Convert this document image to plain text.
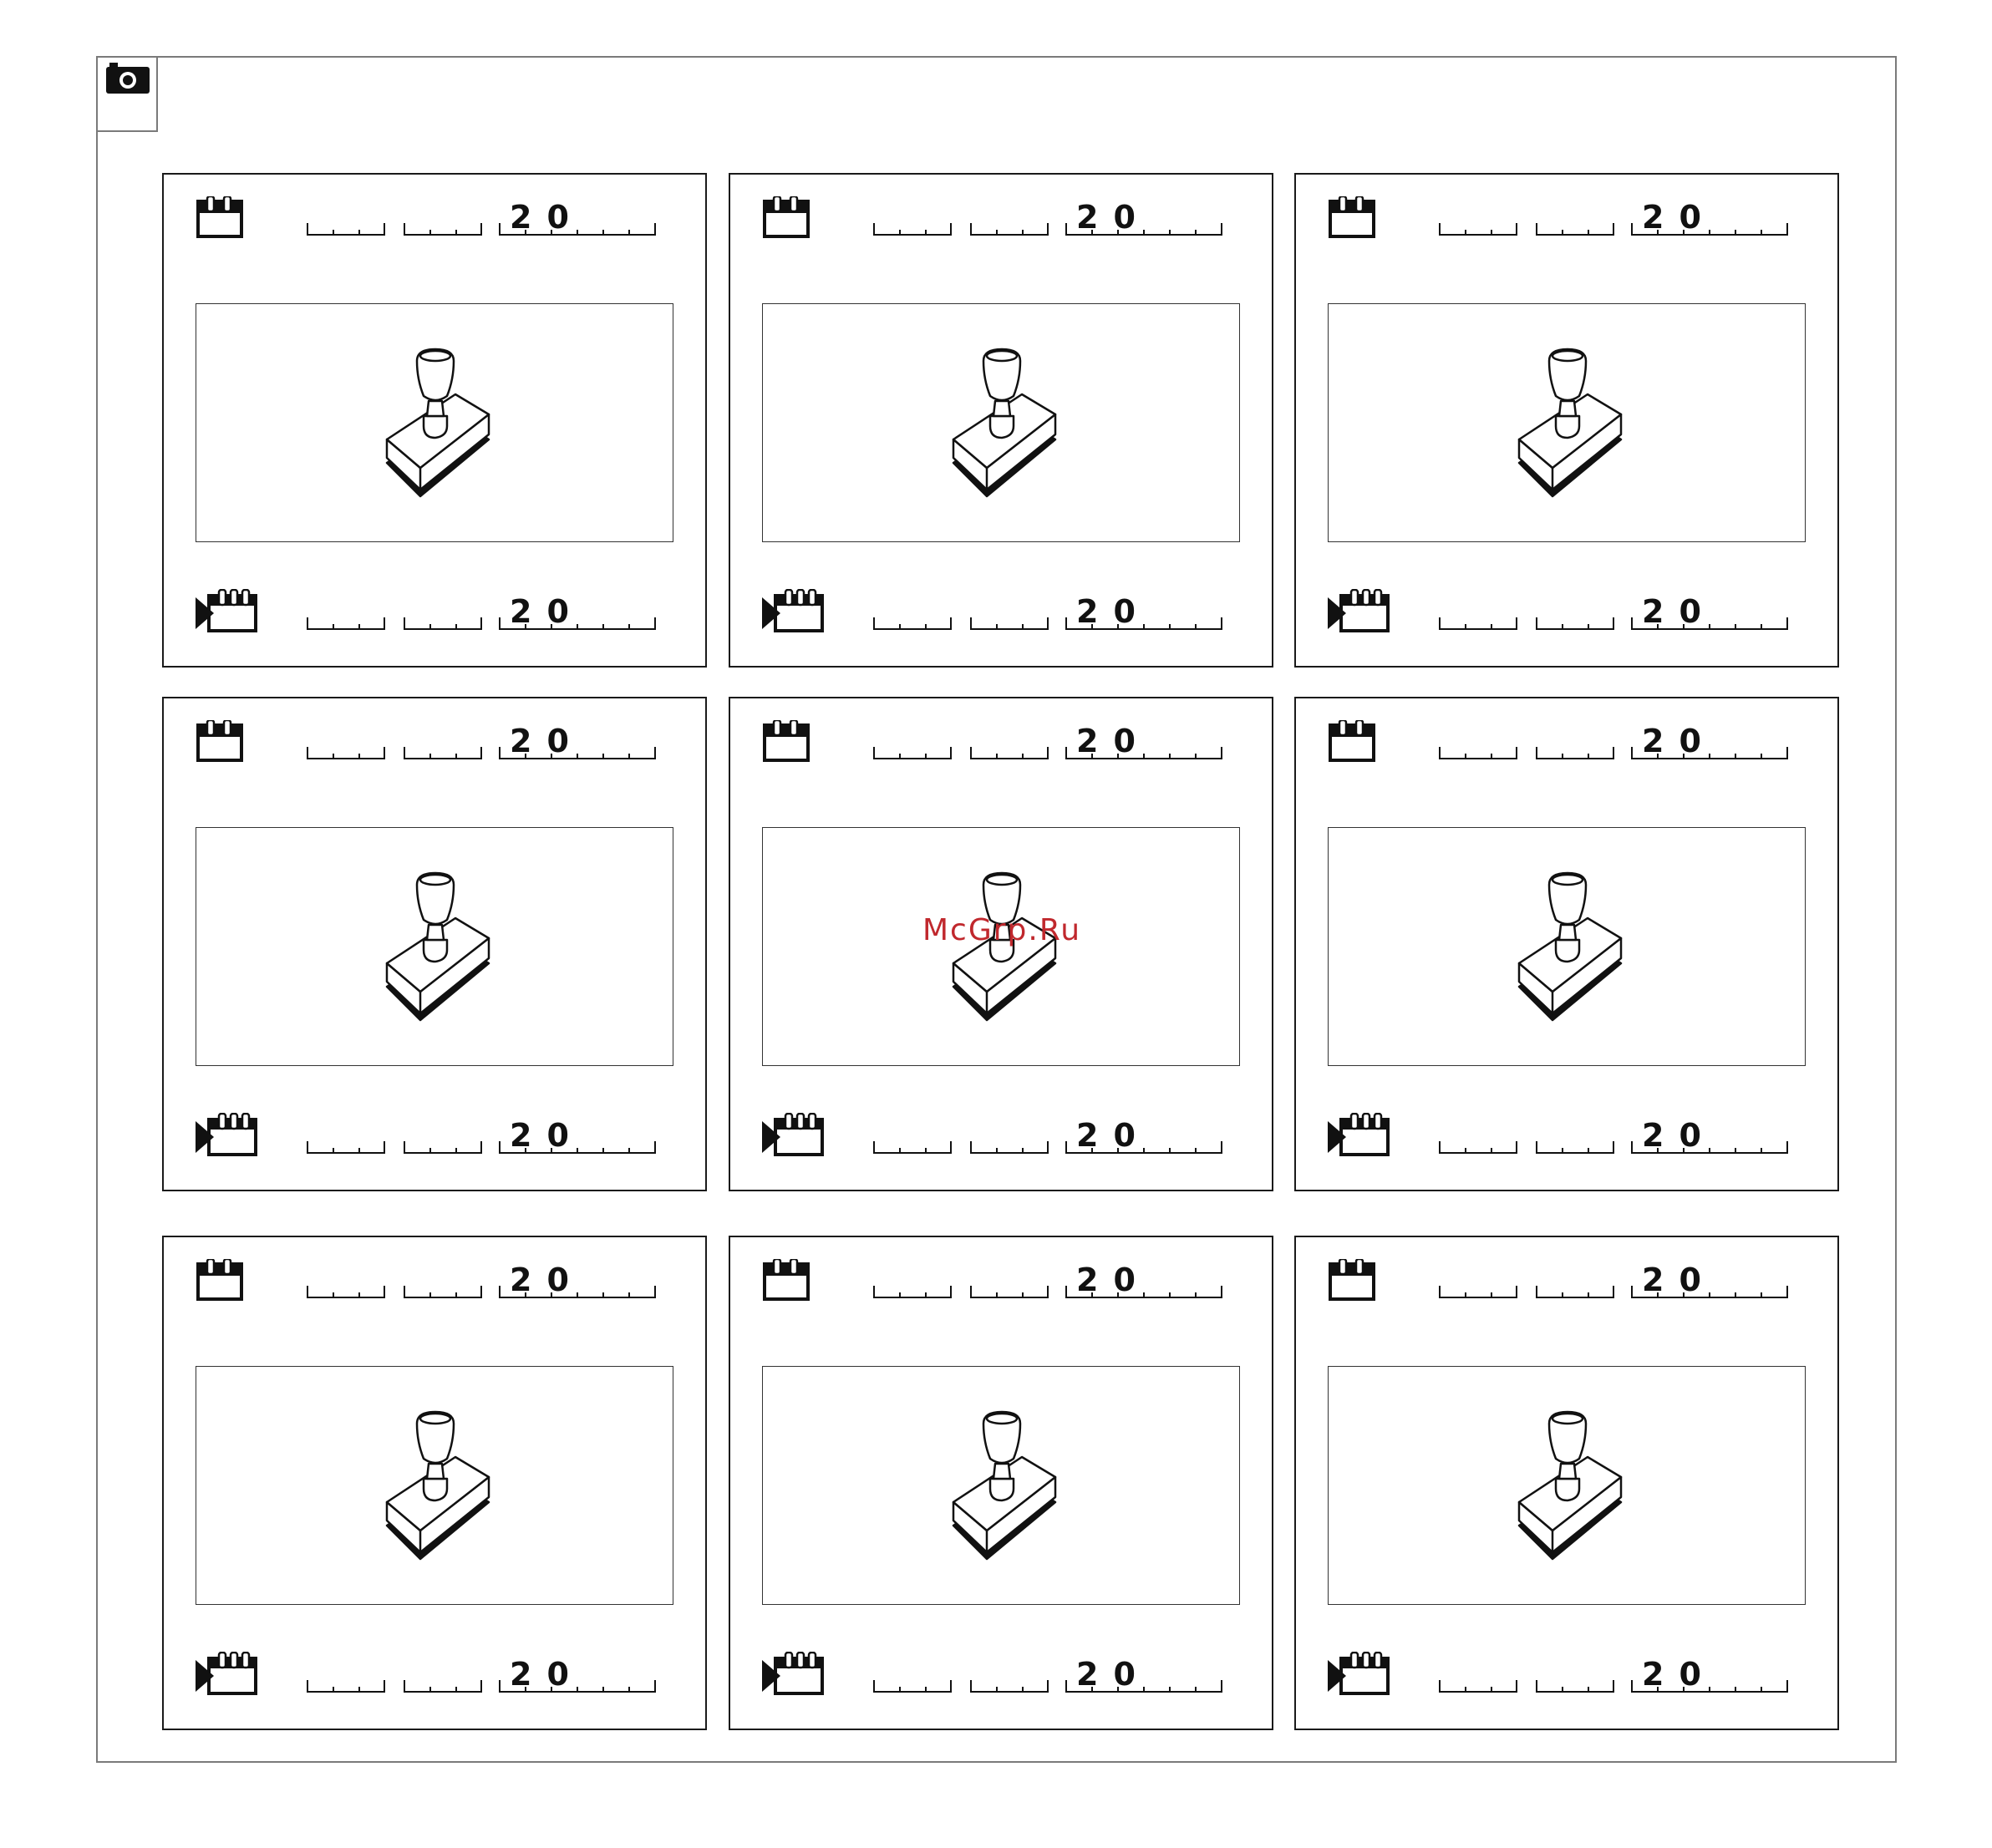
20
20
20
20
20
20
20
20
20
20
20
20
20
20
20
20
20
20
McGrp.Ru
